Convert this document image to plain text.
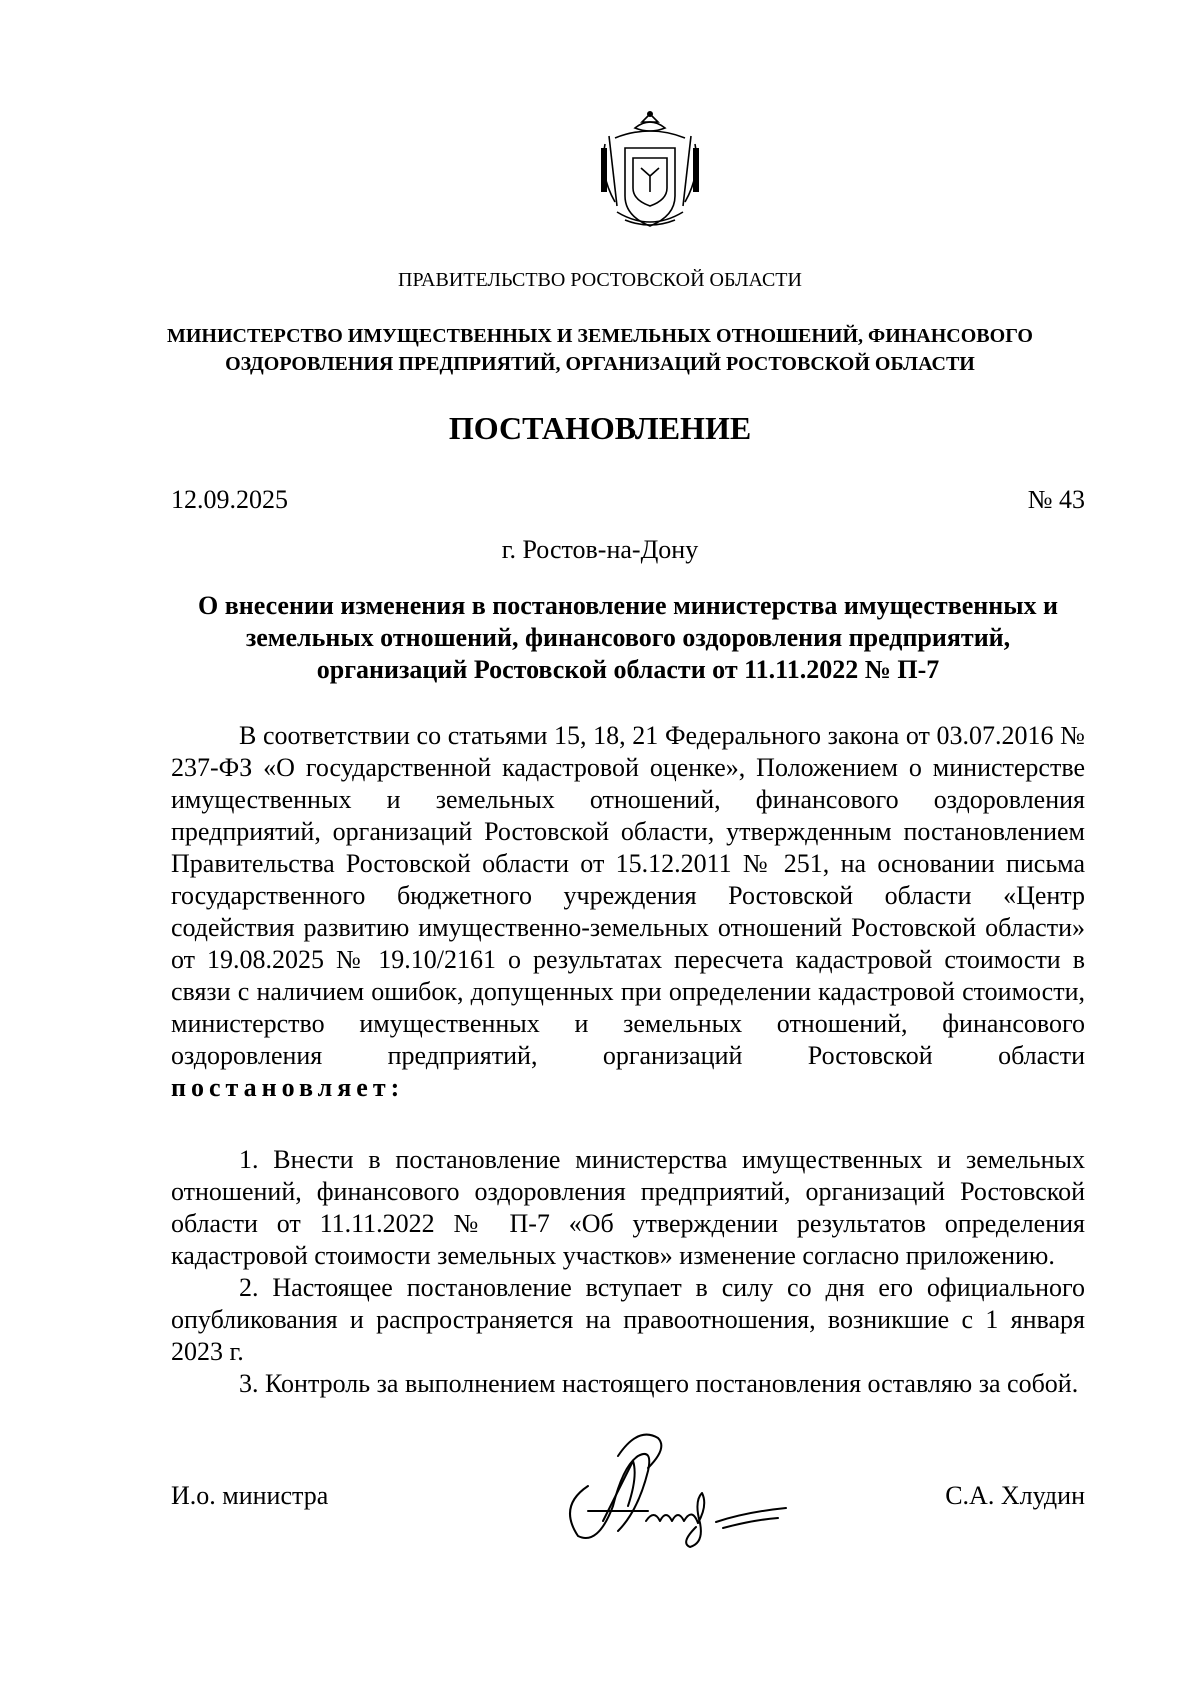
ПРАВИТЕЛЬСТВО РОСТОВСКОЙ ОБЛАСТИ
МИНИСТЕРСТВО ИМУЩЕСТВЕННЫХ И ЗЕМЕЛЬНЫХ ОТНОШЕНИЙ, ФИНАНСОВОГО
ОЗДОРОВЛЕНИЯ ПРЕДПРИЯТИЙ, ОРГАНИЗАЦИЙ РОСТОВСКОЙ ОБЛАСТИ
ПОСТАНОВЛЕНИЕ
12.09.2025	№ 43
г. Ростов-на-Дону
О внесении изменения в постановление министерства имущественных и
земельных отношений, финансового оздоровления предприятий,
организаций Ростовской области от 11.11.2022 № П-7

В соответствии со статьями 15, 18, 21 Федерального закона от 03.07.2016 № 237-ФЗ «О государственной кадастровой оценке», Положением о министерстве имущественных и земельных отношений, финансового оздоровления предприятий, организаций Ростовской области, утвержденным постановлением Правительства Ростовской области от 15.12.2011 № 251, на основании письма государственного бюджетного учреждения Ростовской области «Центр содействия развитию имущественно-земельных отношений Ростовской области» от 19.08.2025 № 19.10/2161 о результатах пересчета кадастровой стоимости в связи с наличием ошибок, допущенных при определении кадастровой стоимости, министерство имущественных и земельных отношений, финансового оздоровления предприятий, организаций Ростовской области постановляет:

1. Внести в постановление министерства имущественных и земельных отношений, финансового оздоровления предприятий, организаций Ростовской области от 11.11.2022 № П-7 «Об утверждении результатов определения кадастровой стоимости земельных участков» изменение согласно приложению.

2. Настоящее постановление вступает в силу со дня его официального опубликования и распространяется на правоотношения, возникшие с 1 января 2023 г.

3. Контроль за выполнением настоящего постановления оставляю за собой.

И.о. министра	С.А. Хлудин
